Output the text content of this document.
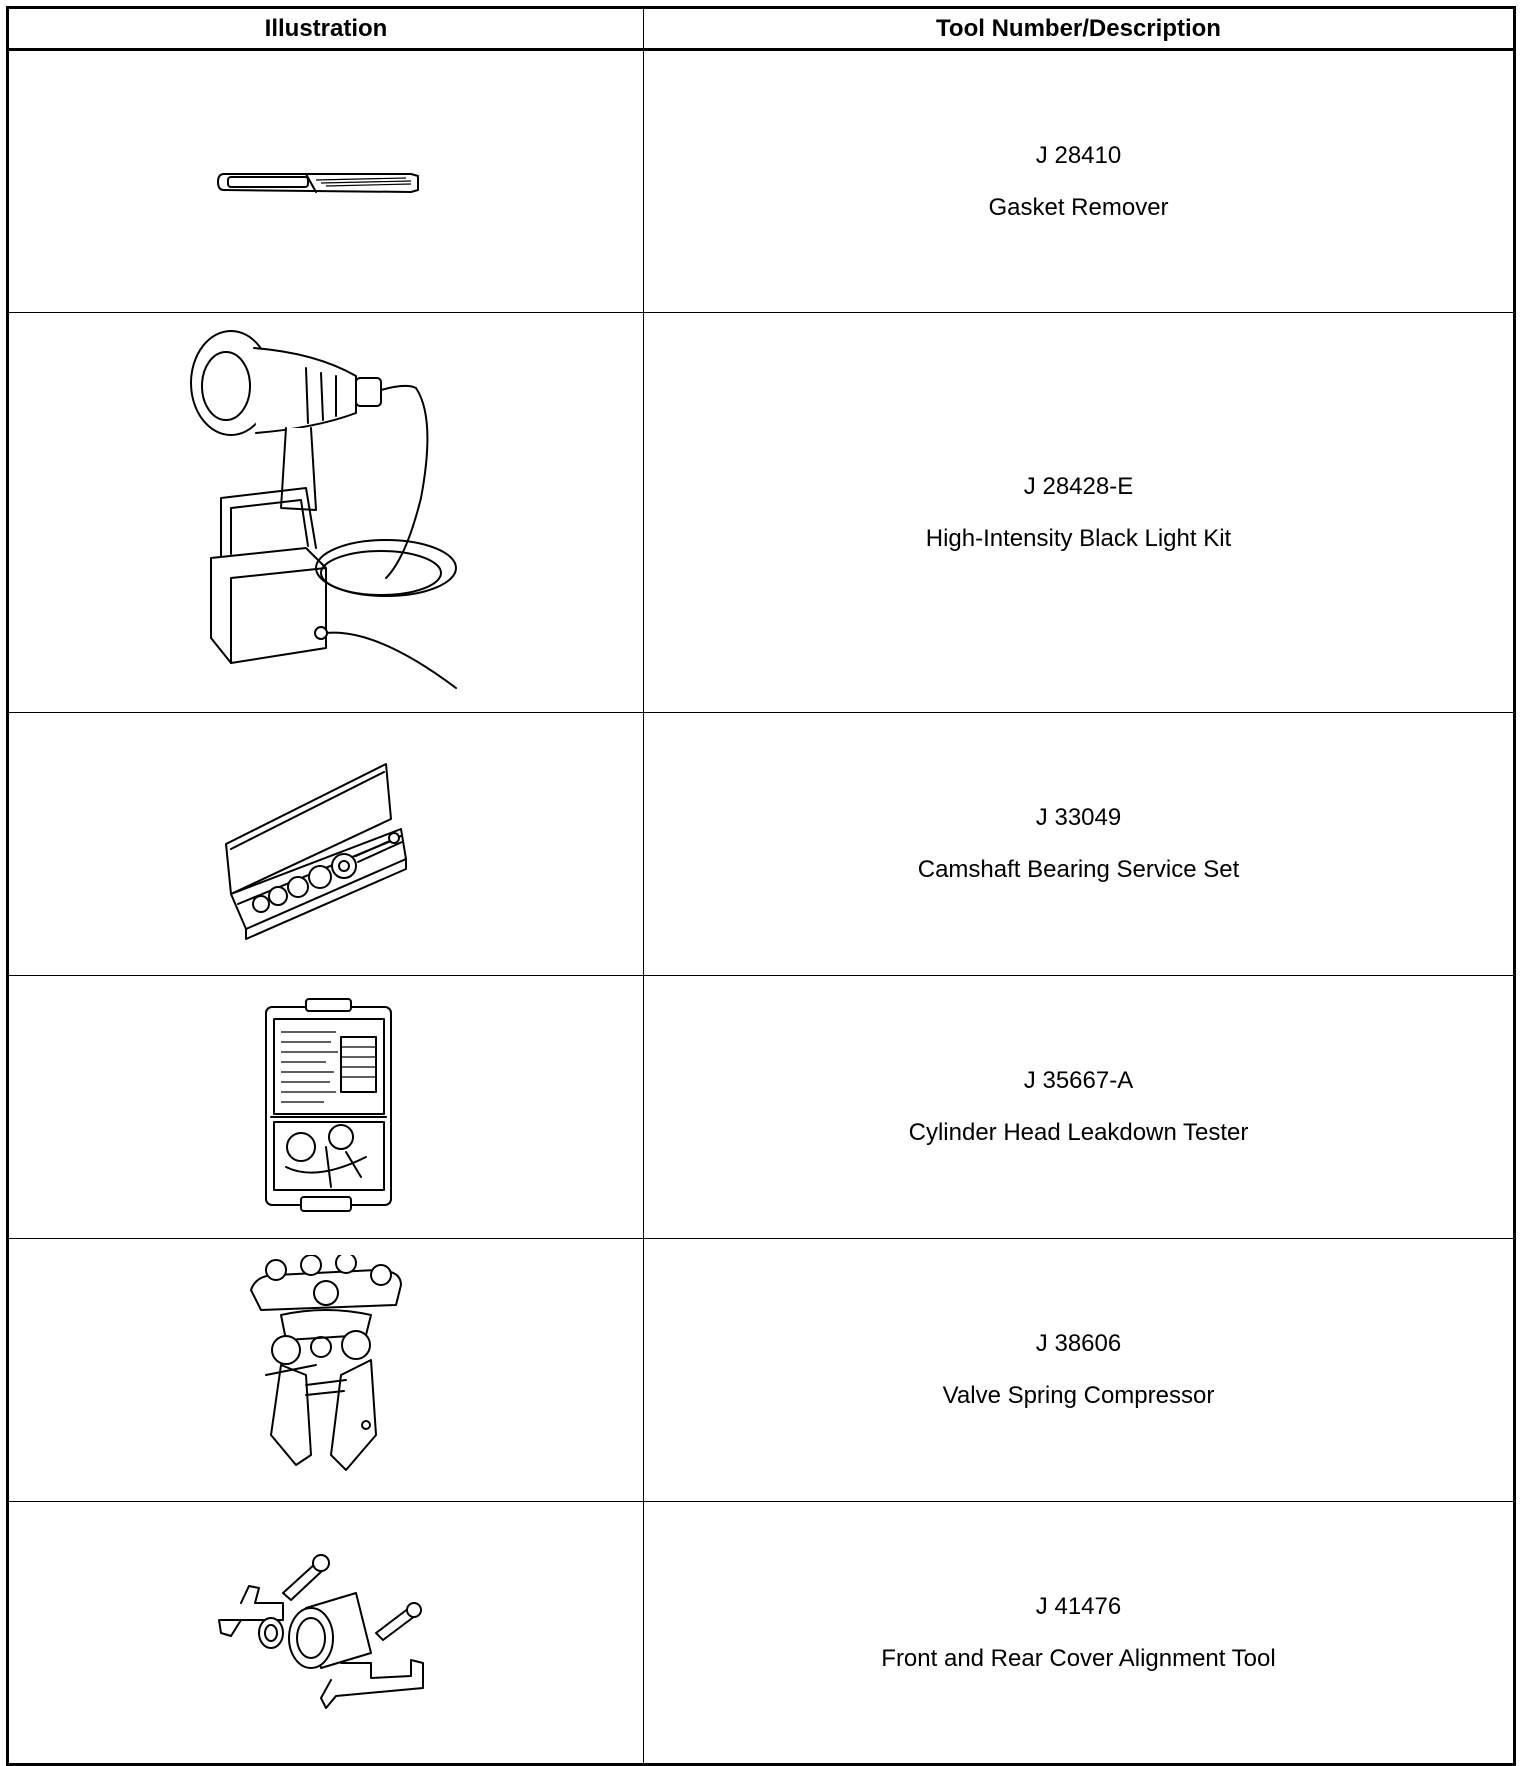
Illustration	Tool Number/Description

J 28410
Gasket Remover

J 28428-E
High-Intensity Black Light Kit

J 33049
Camshaft Bearing Service Set

J 35667-A
Cylinder Head Leakdown Tester

J 38606
Valve Spring Compressor

J 41476
Front and Rear Cover Alignment Tool
